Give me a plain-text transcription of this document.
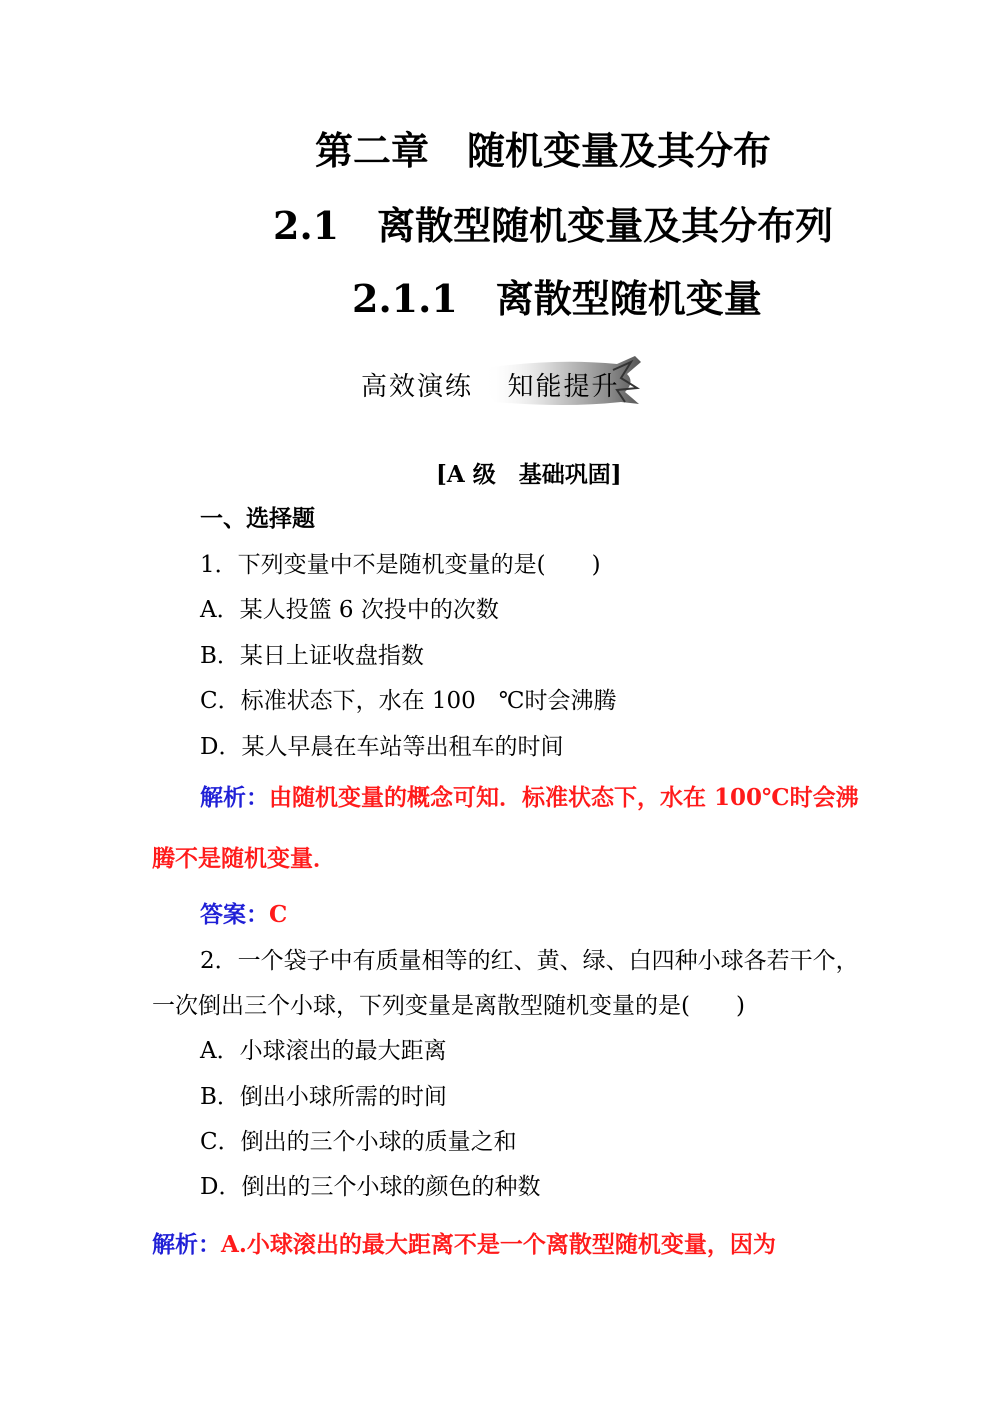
第二章　随机变量及其分布
2.1　离散型随机变量及其分布列
2.1.1　离散型随机变量
高效演练 知能提升
[A 级　基础巩固]
一、选择题
1．下列变量中不是随机变量的是(　　)
A．某人投篮 6 次投中的次数
B．某日上证收盘指数
C．标准状态下，水在 100　℃时会沸腾
D．某人早晨在车站等出租车的时间
解析：由随机变量的概念可知．标准状态下，水在 100℃时会沸
腾不是随机变量．
答案：C
2．一个袋子中有质量相等的红、黄、绿、白四种小球各若干个，
一次倒出三个小球，下列变量是离散型随机变量的是(　　)
A．小球滚出的最大距离
B．倒出小球所需的时间
C．倒出的三个小球的质量之和
D．倒出的三个小球的颜色的种数
解析：A.小球滚出的最大距离不是一个离散型随机变量，因为
